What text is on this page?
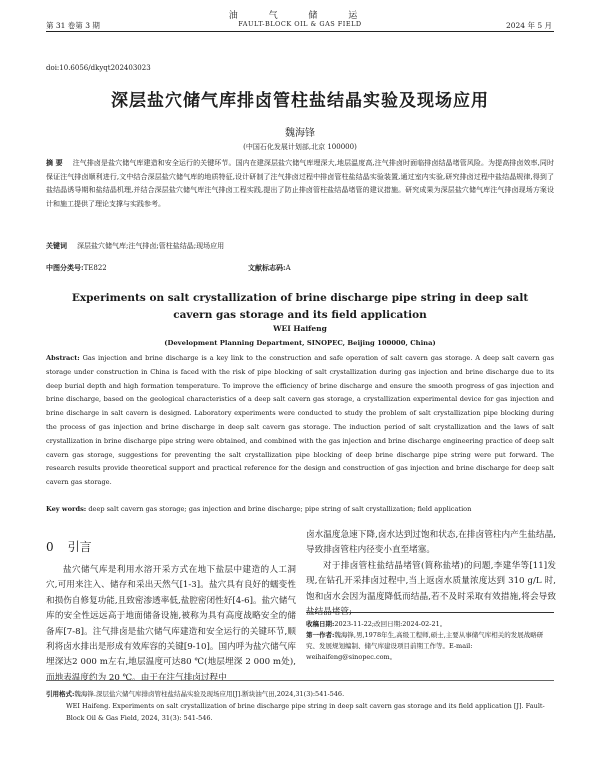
油 气 储 运
第 31 卷第 3 期	FAULT-BLOCK OIL & GAS FIELD	2024 年 5 月
doi:10.6056/dkyqt202403023
深层盐穴储气库排卤管柱盐结晶实验及现场应用
魏海锋
(中国石化发展计划部,北京 100000)
摘 要 注气排卤是盐穴储气库建造和安全运行的关键环节。国内在建深层盐穴储气库埋深大,地层温度高,注气排卤时面临排卤结晶堵管风险。为提高排卤效率,同时保证注气排卤顺利进行,文中结合深层盐穴储气库的地质特征,设计研制了注气排卤过程中排卤管柱盐结晶实验装置,通过室内实验,研究排卤过程中盐结晶规律,得到了盐结晶诱导期和盐结晶机理,并结合深层盐穴储气库注气排卤工程实践,提出了防止排卤管柱盐结晶堵管的建议措施。研究成果为深层盐穴储气库注气排卤现场方案设计和施工提供了理论支撑与实践参考。
关键词 深层盐穴储气库;注气排卤;管柱盐结晶;现场应用
中图分类号:TE822	文献标志码:A
Experiments on salt crystallization of brine discharge pipe string in deep salt cavern gas storage and its field application
WEI Haifeng
(Development Planning Department, SINOPEC, Beijing 100000, China)
Abstract: Gas injection and brine discharge is a key link to the construction and safe operation of salt cavern gas storage. A deep salt cavern gas storage under construction in China is faced with the risk of pipe blocking of salt crystallization during gas injection and brine discharge due to its deep burial depth and high formation temperature. To improve the efficiency of brine discharge and ensure the smooth progress of gas injection and brine discharge, based on the geological characteristics of a deep salt cavern gas storage, a crystallization experimental device for gas injection and brine discharge in salt cavern is designed. Laboratory experiments were conducted to study the problem of salt crystallization pipe blocking during the process of gas injection and brine discharge in deep salt cavern gas storage. The induction period of salt crystallization and the laws of salt crystallization in brine discharge pipe string were obtained, and combined with the gas injection and brine discharge engineering practice of deep salt cavern gas storage, suggestions for preventing the salt crystallization pipe blocking of deep brine discharge pipe string were put forward. The research results provide theoretical support and practical reference for the design and construction of gas injection and brine discharge for deep salt cavern gas storage.
Key words: deep salt cavern gas storage; gas injection and brine discharge; pipe string of salt crystallization; field application
0 引言

盐穴储气库是利用水溶开采方式在地下盐层中建造的人工洞穴,可用来注入、储存和采出天然气[1-3]。盐穴具有良好的蠕变性和损伤自修复功能,且致密渗透率低,盐腔密闭性好[4-6]。盐穴储气库的安全性远远高于地面储备设施,被称为具有高度战略安全的储备库[7-8]。注气排卤是盐穴储气库建造和安全运行的关键环节,顺利将卤水排出是形成有效库容的关键[9-10]。国内呼为盐穴储气库埋深达2 000 m左右,地层温度可达80 ℃(地层埋深 2 000 m处),而地表温度约为 20 ℃。由于在注气排卤过程中

卤水温度急速下降,卤水达到过饱和状态,在排卤管柱内产生盐结晶,导致排卤管柱内径变小直至堵塞。

对于排卤管柱盐结晶堵管(简称盐堵)的问题,李建华等[11]发现,在钻孔开采排卤过程中,当上返卤水质量浓度达到 310 g/L 时,饱和卤水会因为温度降低而结晶,若不及时采取有效措施,将会导致盐结晶堵管;

收稿日期:2023-11-22;改回日期:2024-02-21。
第一作者:魏海锋,男,1978年生,高级工程师,硕士,主要从事储气库相关的发展战略研究、发展规划编制、储气库建设项目前期工作等。E-mail: weihaifeng@sinopec.com。
引用格式:魏海锋.深层盐穴储气库排卤管柱盐结晶实验及现场应用[J].断块油气田,2024,31(3):541-546.
WEI Haifeng. Experiments on salt crystallization of brine discharge pipe string in deep salt cavern gas storage and its field application [J]. Fault-Block Oil & Gas Field, 2024, 31(3): 541-546.
